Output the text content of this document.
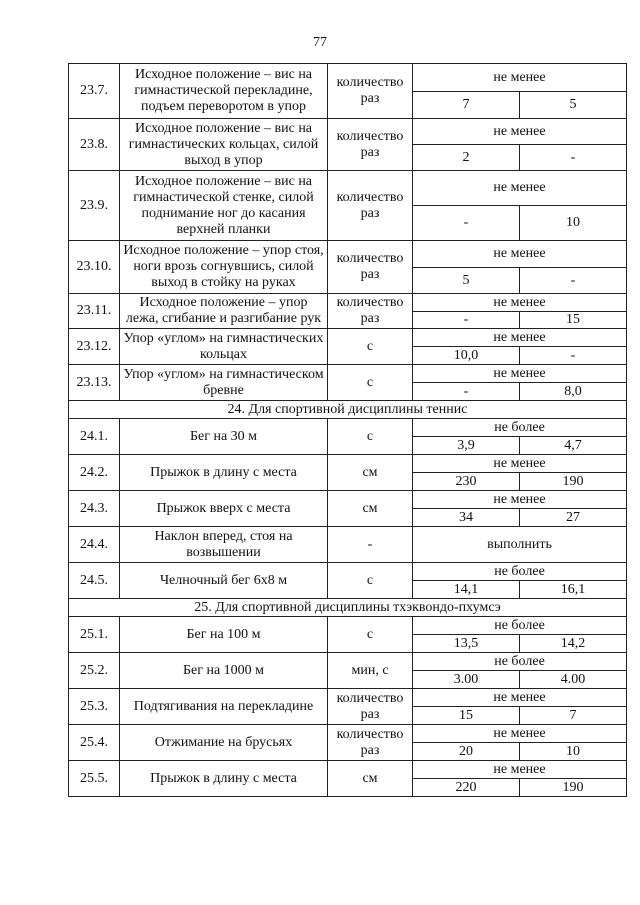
77
23.7.	Исходное положение – вис на гимнастической перекладине, подъем переворотом в упор	количество раз	не менее	
			7	5
23.8.	Исходное положение – вис на гимнастических кольцах, силой выход в упор	количество раз	не менее	
			2	-
23.9.	Исходное положение – вис на гимнастической стенке, силой поднимание ног до касания верхней планки	количество раз	не менее	
			-	10
23.10.	Исходное положение – упор стоя, ноги врозь согнувшись, силой выход в стойку на руках	количество раз	не менее	
			5	-
23.11.	Исходное положение – упор лежа, сгибание и разгибание рук	количество раз	не менее	
			-	15
23.12.	Упор «углом» на гимнастических кольцах	с	не менее	
			10,0	-
23.13.	Упор «углом» на гимнастическом бревне	с	не менее	
			-	8,0
24. Для спортивной дисциплины теннис				
24.1.	Бег на 30 м	с	не более	
			3,9	4,7
24.2.	Прыжок в длину с места	см	не менее	
			230	190
24.3.	Прыжок вверх с места	см	не менее	
			34	27
24.4.	Наклон вперед, стоя на возвышении	-	выполнить	

24.5.	Челночный бег 6х8 м	с	не более	
			14,1	16,1
25. Для спортивной дисциплины тхэквондо-пхумсэ				
25.1.	Бег на 100 м	с	не более	
			13,5	14,2
25.2.	Бег на 1000 м	мин, с	не более	
			3.00	4.00
25.3.	Подтягивания на перекладине	количество раз	не менее	
			15	7
25.4.	Отжимание на брусьях	количество раз	не менее	
			20	10
25.5.	Прыжок в длину с места	см	не менее	
			220	190
